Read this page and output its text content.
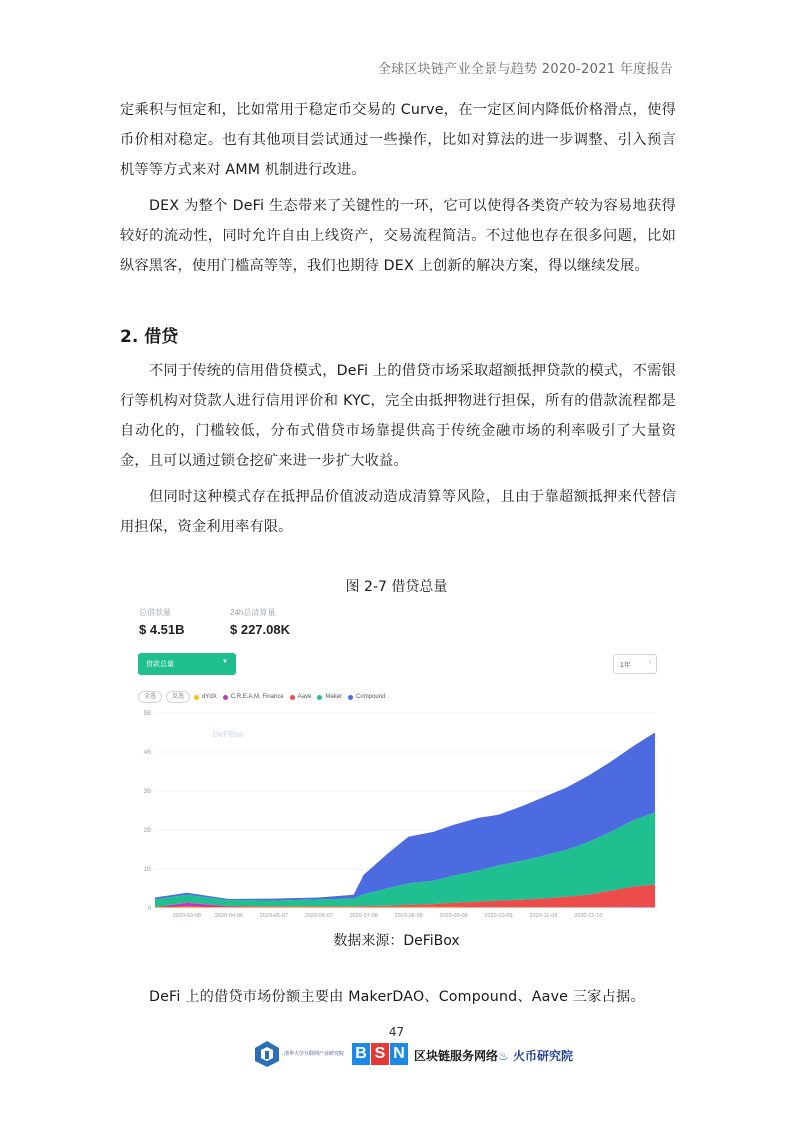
全球区块链产业全景与趋势 2020-2021 年度报告

定乘积与恒定和，比如常用于稳定币交易的 Curve，在一定区间内降低价格滑点，使得币价相对稳定。也有其他项目尝试通过一些操作，比如对算法的进一步调整、引入预言机等等方式来对 AMM 机制进行改进。

DEX 为整个 DeFi 生态带来了关键性的一环，它可以使得各类资产较为容易地获得较好的流动性，同时允许自由上线资产，交易流程简洁。不过他也存在很多问题，比如纵容黑客，使用门槛高等等，我们也期待 DEX 上创新的解决方案，得以继续发展。

2. 借贷

不同于传统的信用借贷模式，DeFi 上的借贷市场采取超额抵押贷款的模式，不需银行等机构对贷款人进行信用评价和 KYC，完全由抵押物进行担保，所有的借款流程都是自动化的，门槛较低，分布式借贷市场靠提供高于传统金融市场的利率吸引了大量资金，且可以通过锁仓挖矿来进一步扩大收益。

但同时这种模式存在抵押品价值波动造成清算等风险，且由于靠超额抵押来代替信用担保，资金利用率有限。

图 2-7 借贷总量
总借款量
$ 4.51B
24h总清算量
$ 227.08K
借款总量	▼	1年	›
全选	反选	dYdX C.R.E.A.M. Finance Aave Maker Compound
DeFiBox
0
1B
2B
3B
4B
5B
2020-03-08	2020-04-06	2020-05-07	2020-06-07	2020-07-08	2020-08-08	2020-09-08	2020-10-09	2020-11-09	2020-12-10
数据来源：DeFiBox

DeFi 上的借贷市场份额主要由 MakerDAO、Compound、Aave 三家占据。

47
清华大学互联网产业研究院 B S N 区块链服务网络 ♨ 火币研究院
